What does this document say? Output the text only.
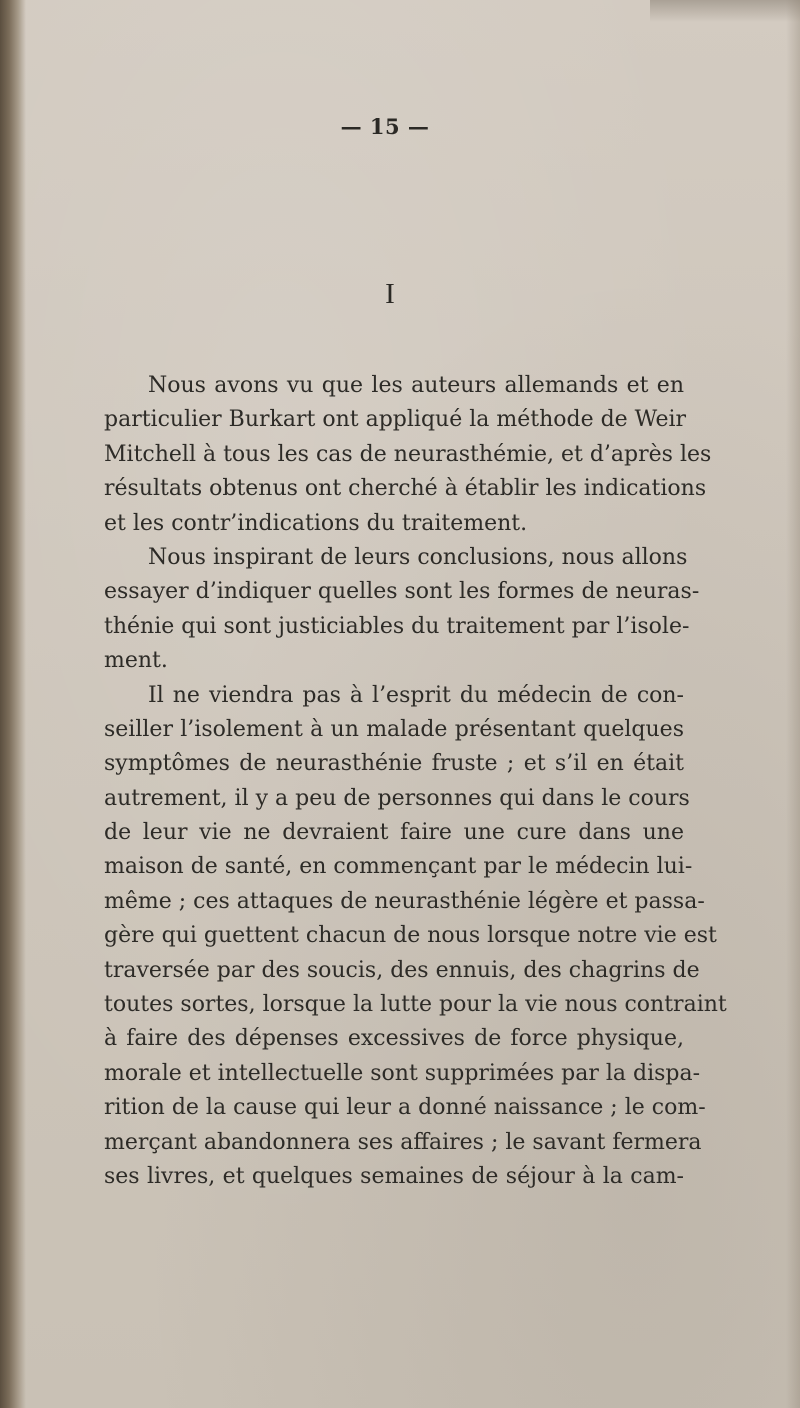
— 15 —
I
Nous avons vu que les auteurs allemands et en
particulier Burkart ont appliqué la méthode de Weir
Mitchell à tous les cas de neurasthémie, et d’après les
résultats obtenus ont cherché à établir les indications
et les contr’indications du traitement.
Nous inspirant de leurs conclusions, nous allons
essayer d’indiquer quelles sont les formes de neuras-
thénie qui sont justiciables du traitement par l’isole-
ment.
Il ne viendra pas à l’esprit du médecin de con-
seiller l’isolement à un malade présentant quelques
symptômes de neurasthénie fruste ; et s’il en était
autrement, il y a peu de personnes qui dans le cours
de leur vie ne devraient faire une cure dans une
maison de santé, en commençant par le médecin lui-
même ; ces attaques de neurasthénie légère et passa-
gère qui guettent chacun de nous lorsque notre vie est
traversée par des soucis, des ennuis, des chagrins de
toutes sortes, lorsque la lutte pour la vie nous contraint
à faire des dépenses excessives de force physique,
morale et intellectuelle sont supprimées par la dispa-
rition de la cause qui leur a donné naissance ; le com-
merçant abandonnera ses affaires ; le savant fermera
ses livres, et quelques semaines de séjour à la cam-
